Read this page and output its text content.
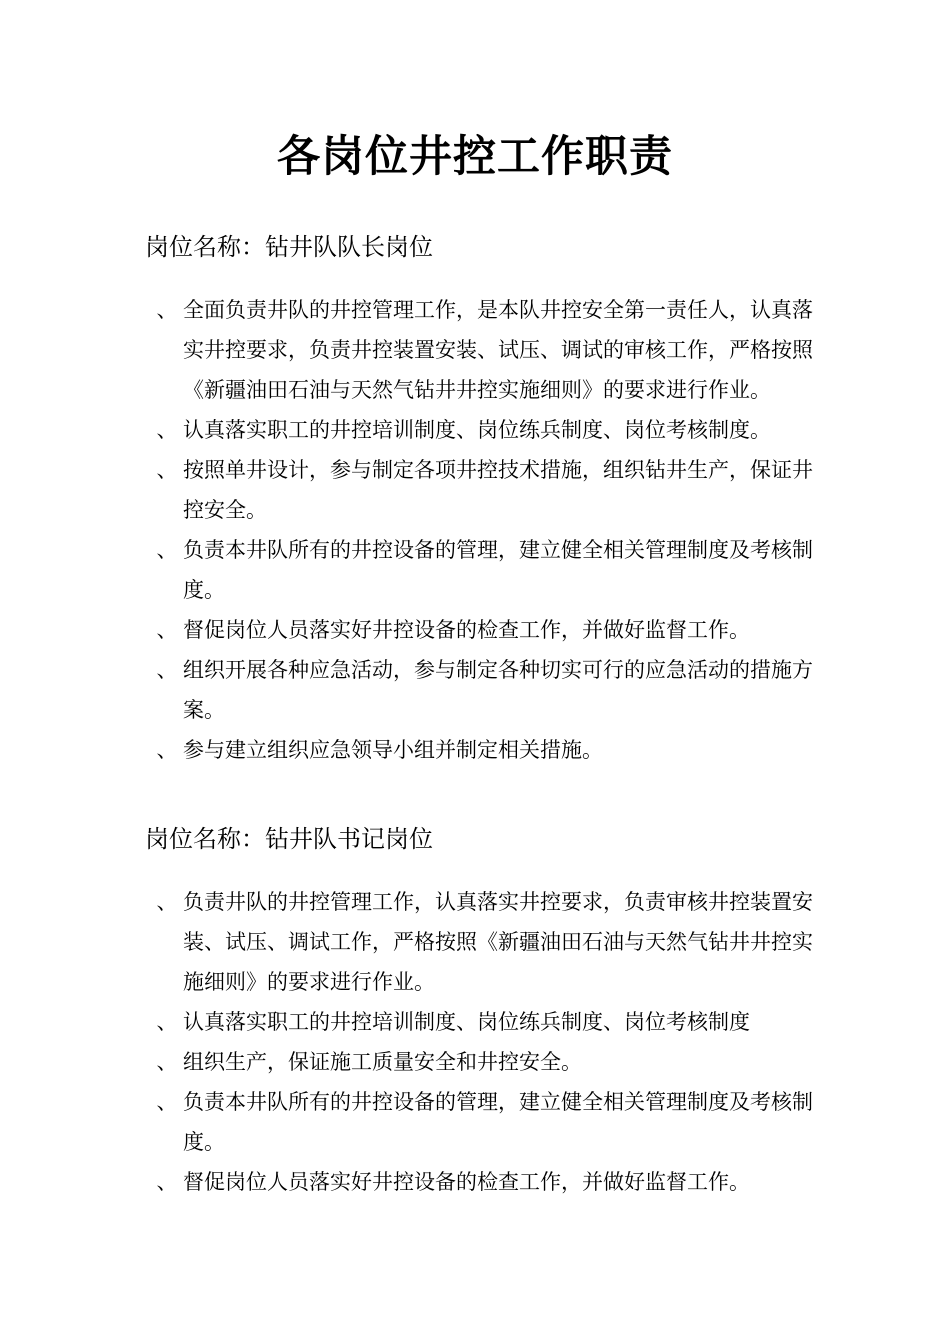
各岗位井控工作职责
岗位名称：钻井队队长岗位
、 全面负责井队的井控管理工作，是本队井控安全第一责任人，认真落实井控要求，负责井控装置安装、试压、调试的审核工作，严格按照《新疆油田石油与天然气钻井井控实施细则》的要求进行作业。
、 认真落实职工的井控培训制度、岗位练兵制度、岗位考核制度。
、 按照单井设计，参与制定各项井控技术措施，组织钻井生产，保证井控安全。
、 负责本井队所有的井控设备的管理，建立健全相关管理制度及考核制度。
、 督促岗位人员落实好井控设备的检查工作，并做好监督工作。
、 组织开展各种应急活动，参与制定各种切实可行的应急活动的措施方案。
、 参与建立组织应急领导小组并制定相关措施。
岗位名称：钻井队书记岗位
、 负责井队的井控管理工作，认真落实井控要求，负责审核井控装置安装、试压、调试工作，严格按照《新疆油田石油与天然气钻井井控实施细则》的要求进行作业。
、 认真落实职工的井控培训制度、岗位练兵制度、岗位考核制度
、 组织生产，保证施工质量安全和井控安全。
、 负责本井队所有的井控设备的管理，建立健全相关管理制度及考核制度。
、 督促岗位人员落实好井控设备的检查工作，并做好监督工作。
